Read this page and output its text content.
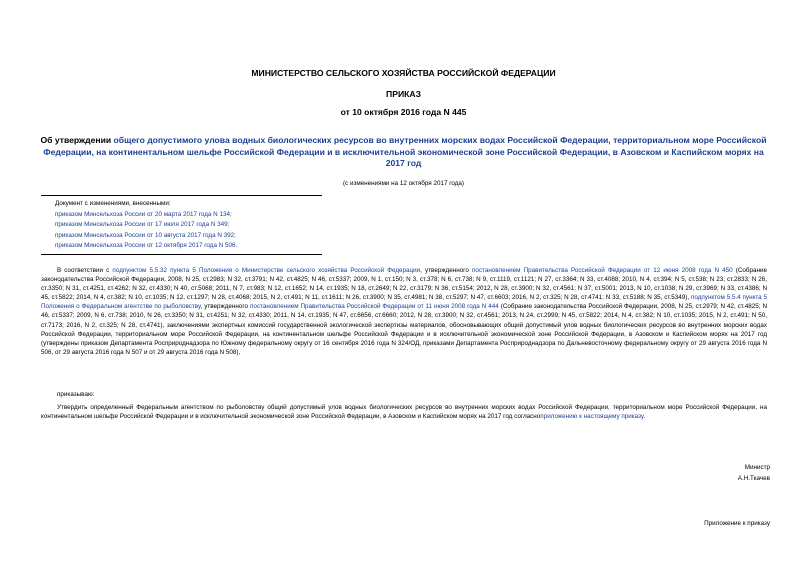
МИНИСТЕРСТВО СЕЛЬСКОГО ХОЗЯЙСТВА РОССИЙСКОЙ ФЕДЕРАЦИИ
ПРИКАЗ
от 10 октября 2016 года N 445
Об утверждении общего допустимого улова водных биологических ресурсов во внутренних морских водах Российской Федерации, территориальном море Российской Федерации, на континентальном шельфе Российской Федерации и в исключительной экономической зоне Российской Федерации, в Азовском и Каспийском морях на 2017 год
(с изменениями на 12 октября 2017 года)
Документ с изменениями, внесенными:
приказом Минсельхоза России от 20 марта 2017 года N 134;
приказом Минсельхоза России от 17 июля 2017 года N 349;
приказом Минсельхоза России от 10 августа 2017 года N 392;
приказом Минсельхоза России от 12 октября 2017 года N 506.

В соответствии с подпунктом 5.5.32 пункта 5 Положения о Министерстве сельского хозяйства Российской Федерации, утвержденного постановлением Правительства Российской Федерации от 12 июня 2008 года N 450 (Собрание законодательства Российской Федерации, 2008, N 25, ст.2983; N 32, ст.3791; N 42, ст.4825; N 46, ст.5337; 2009, N 1, ст.150; N 3, ст.378; N 6, ст.738; N 9, ст.1119, ст.1121; N 27, ст.3364; N 33, ст.4088; 2010, N 4, ст.394; N 5, ст.538; N 23, ст.2833; N 26, ст.3350; N 31, ст.4251, ст.4262; N 32, ст.4330; N 40, ст.5068; 2011, N 7, ст.983; N 12, ст.1652; N 14, ст.1935; N 18, ст.2649; N 22, ст.3179; N 36, ст.5154; 2012, N 28, ст.3900; N 32, ст.4561; N 37, ст.5001; 2013, N 10, ст.1038; N 29, ст.3969; N 33, ст.4386; N 45, ст.5822; 2014, N 4, ст.382; N 10, ст.1035; N 12, ст.1297; N 28, ст.4068; 2015, N 2, ст.491; N 11, ст.1611; N 26, ст.3900; N 35, ст.4981; N 38, ст.5297; N 47, ст.6603; 2016, N 2, ст.325; N 28, ст.4741; N 33, ст.5188; N 35, ст.5349), подпунктом 5.5.4 пункта 5 Положения о Федеральном агентстве по рыболовству, утвержденного постановлением Правительства Российской Федерации от 11 июня 2008 года N 444 (Собрание законодательства Российской Федерации, 2008, N 25, ст.2979; N 42, ст.4825; N 46, ст.5337; 2009, N 6, ст.738; 2010, N 26, ст.3350; N 31, ст.4251; N 32, ст.4330; 2011, N 14, ст.1935; N 47, ст.6656, ст.6660; 2012, N 28, ст.3900; N 32, ст.4561; 2013, N 24, ст.2999; N 45, ст.5822; 2014, N 4, ст.382; N 10, ст.1035; 2015, N 2, ст.491; N 50, ст.7173; 2016, N 2, ст.325; N 28, ст.4741), заключениями экспертных комиссий государственной экологической экспертизы материалов, обосновывающих общий допустимый улов водных биологических ресурсов во внутренних морских водах Российской Федерации, территориальном море Российской Федерации, на континентальном шельфе Российской Федерации и в исключительной экономической зоне Российской Федерации, в Азовском и Каспийском морях на 2017 год (утверждены приказом Департамента Росприроднадзора по Южному федеральному округу от 16 сентября 2016 года N 324/ОД, приказами Департамента Росприроднадзора по Дальневосточному федеральному округу от 29 августа 2016 года N 506, от 29 августа 2016 года N 507 и от 29 августа 2016 года N 508),

приказываю:

Утвердить определенный Федеральным агентством по рыболовству общий допустимый улов водных биологических ресурсов во внутренних морских водах Российской Федерации, территориальном море Российской Федерации, на континентальном шельфе Российской Федерации и в исключительной экономической зоне Российской Федерации, в Азовском и Каспийском морях на 2017 год согласноприложению к настоящему приказу.

Министр
А.Н.Ткачев
Приложение к приказу
